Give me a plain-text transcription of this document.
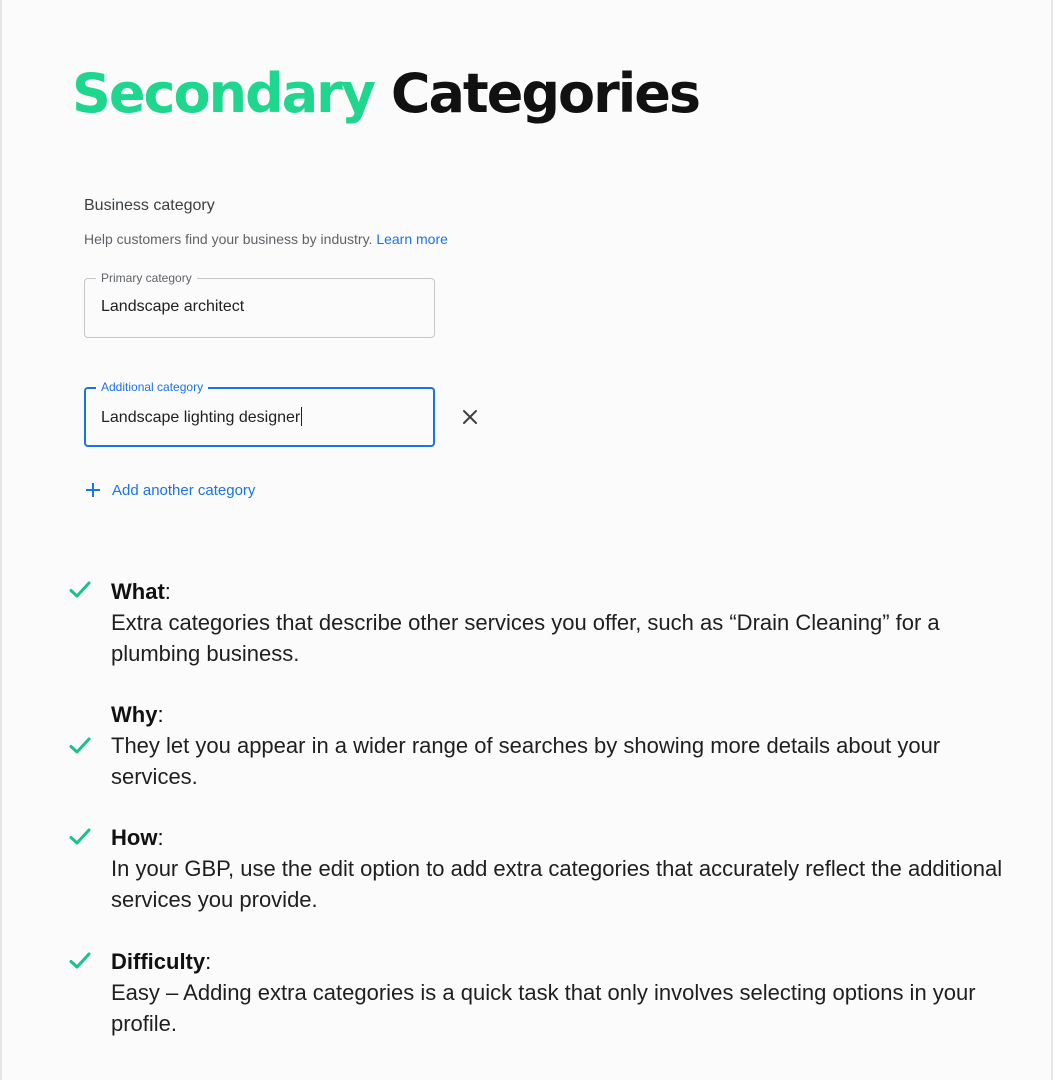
Secondary Categories
Business category
Help customers find your business by industry. Learn more
Primary category
Landscape architect
Additional category
Landscape lighting designer
Add another category
What:
Extra categories that describe other services you offer, such as “Drain Cleaning” for a plumbing business.
Why:
They let you appear in a wider range of searches by showing more details about your services.
How:
In your GBP, use the edit option to add extra categories that accurately reflect the additional services you provide.
Difficulty:
Easy – Adding extra categories is a quick task that only involves selecting options in your profile.
